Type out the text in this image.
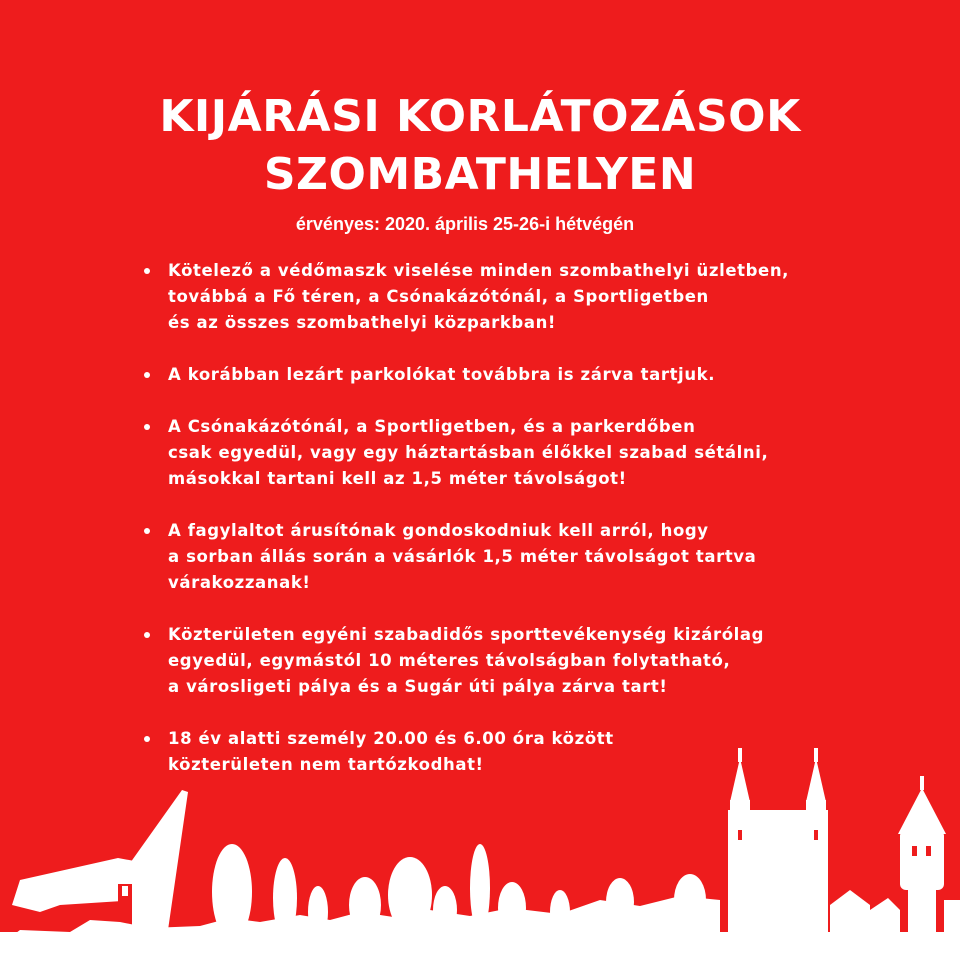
KIJÁRÁSI KORLÁTOZÁSOK
SZOMBATHELYEN
érvényes: 2020. április 25-26-i hétvégén
Kötelező a védőmaszk viselése minden szombathelyi üzletben,
továbbá a Fő téren, a Csónakázótónál, a Sportligetben
és az összes szombathelyi közparkban!
A korábban lezárt parkolókat továbbra is zárva tartjuk.
A Csónakázótónál, a Sportligetben, és a parkerdőben
csak egyedül, vagy egy háztartásban élőkkel szabad sétálni,
másokkal tartani kell az 1,5 méter távolságot!
A fagylaltot árusítónak gondoskodniuk kell arról, hogy
a sorban állás során a vásárlók 1,5 méter távolságot tartva
várakozzanak!
Közterületen egyéni szabadidős sporttevékenység kizárólag
egyedül, egymástól 10 méteres távolságban folytatható,
a városligeti pálya és a Sugár úti pálya zárva tart!
18 év alatti személy 20.00 és 6.00 óra között
közterületen nem tartózkodhat!
